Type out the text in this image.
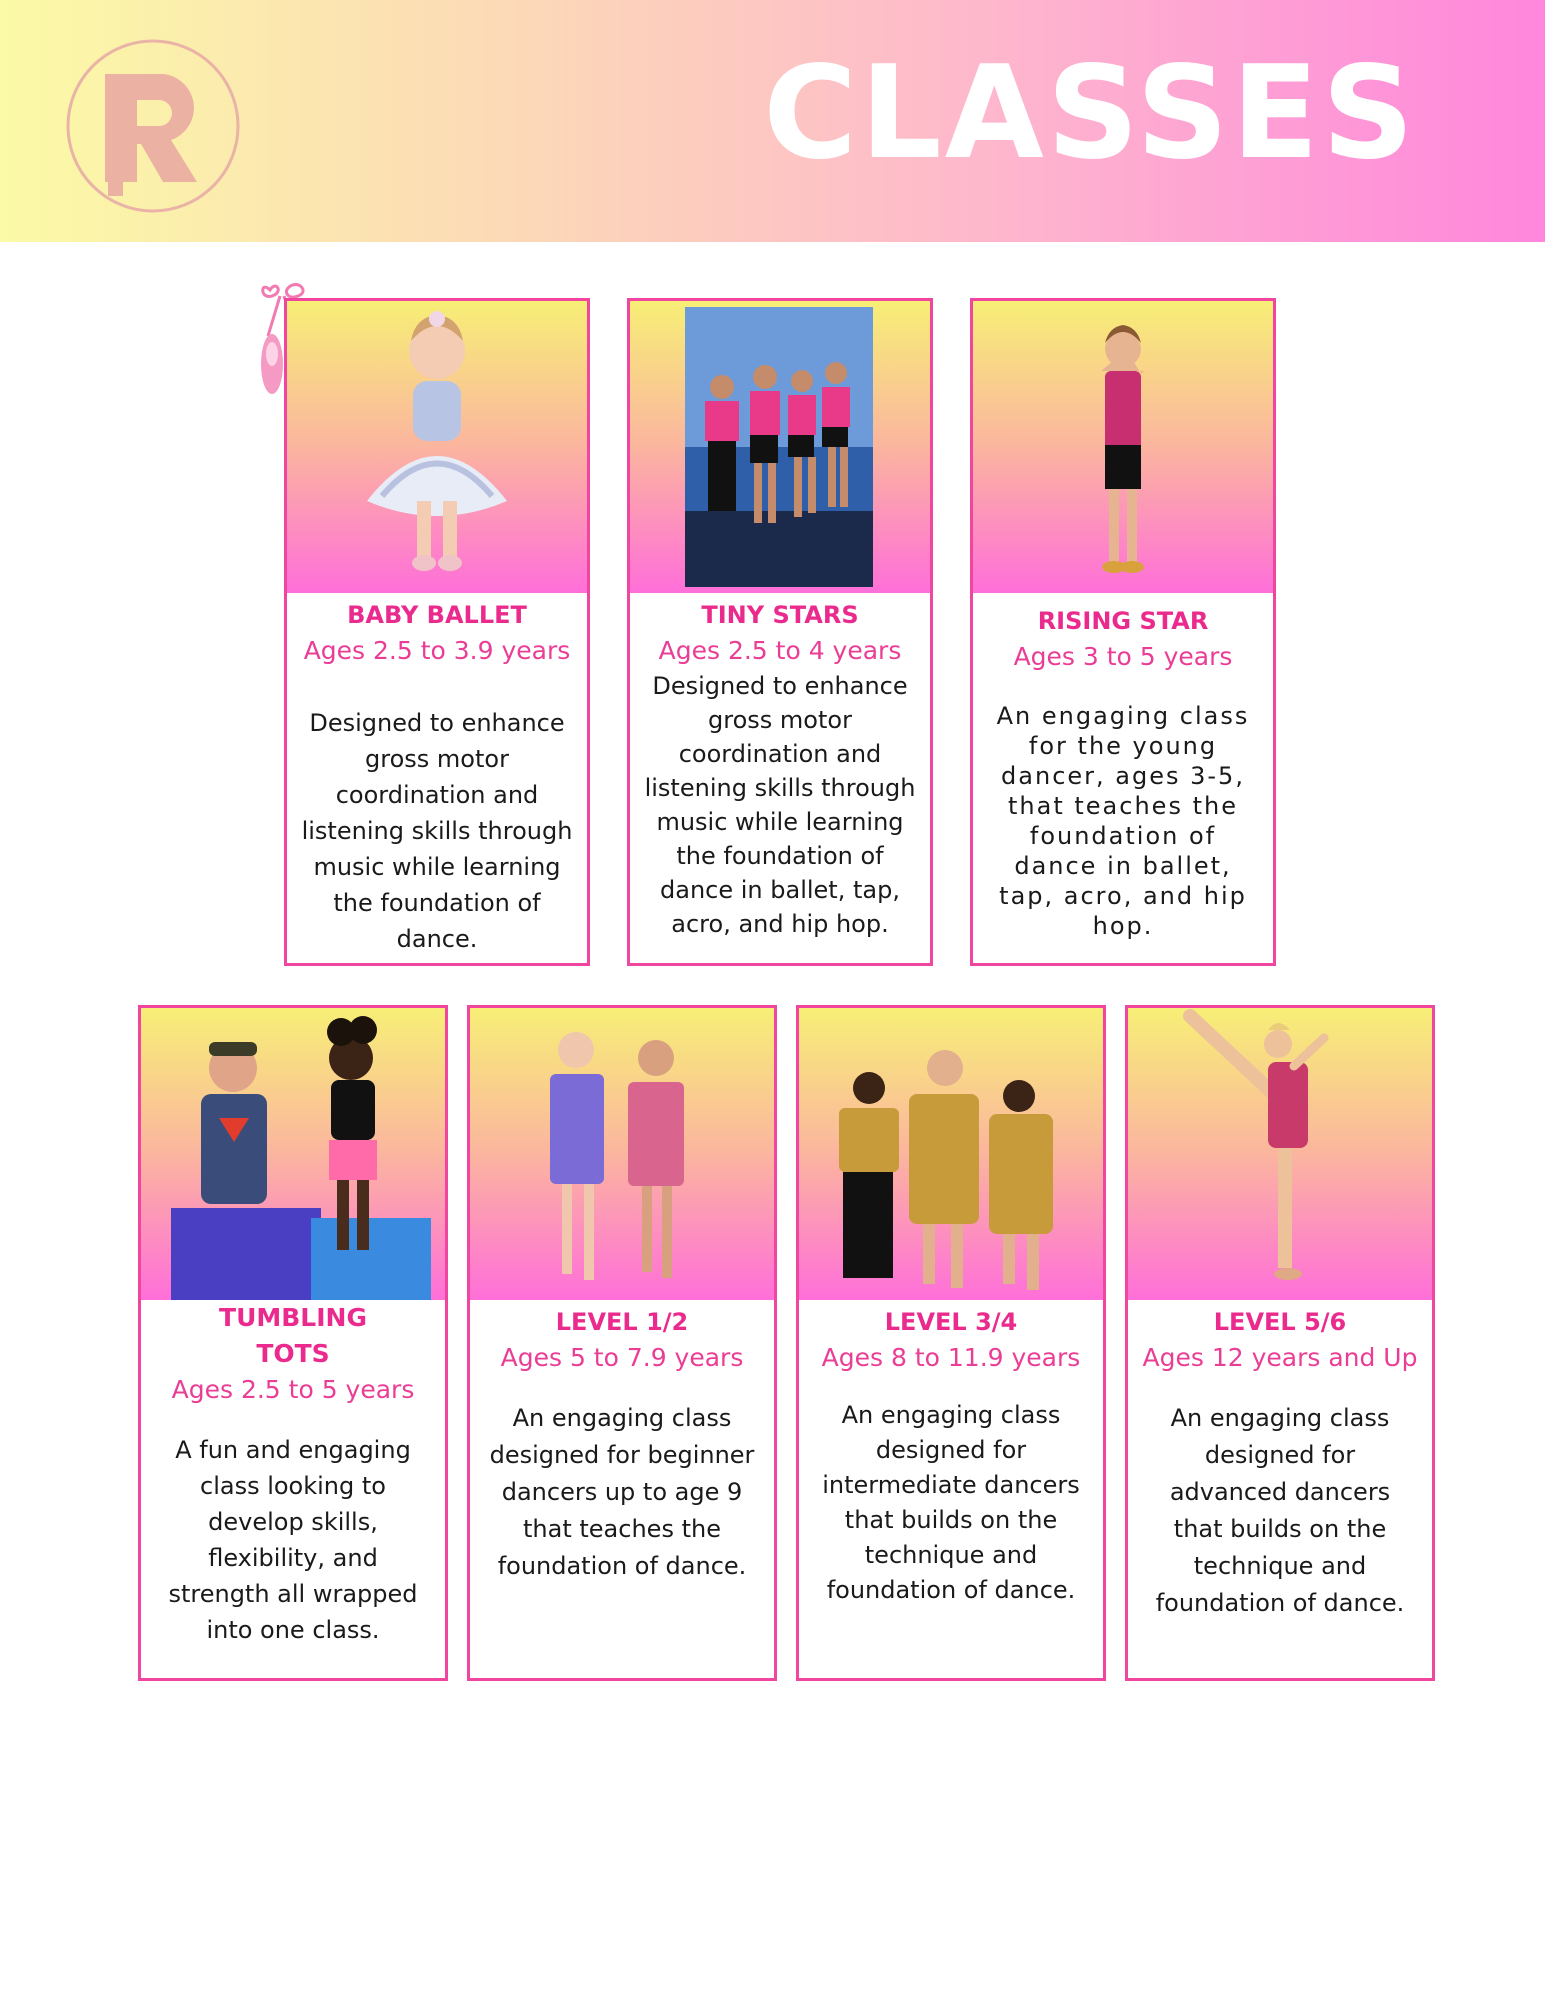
CLASSES

BABY BALLET

Ages 2.5 to 3.9 years

Designed to enhance gross motor coordination and listening skills through music while learning the foundation of dance.

TINY STARS

Ages 2.5 to 4 years

Designed to enhance gross motor coordination and listening skills through music while learning the foundation of dance in ballet, tap, acro, and hip hop.

RISING STAR

Ages 3 to 5 years

An engaging class for the young dancer, ages 3-5, that teaches the foundation of dance in ballet, tap, acro, and hip hop.

TUMBLING TOTS

Ages 2.5 to 5 years

A fun and engaging class looking to develop skills, flexibility, and strength all wrapped into one class.

LEVEL 1/2

Ages 5 to 7.9 years

An engaging class designed for beginner dancers up to age 9 that teaches the foundation of dance.

LEVEL 3/4

Ages 8 to 11.9 years

An engaging class designed for intermediate dancers that builds on the technique and foundation of dance.

LEVEL 5/6

Ages 12 years and Up

An engaging class designed for advanced dancers that builds on the technique and foundation of dance.
